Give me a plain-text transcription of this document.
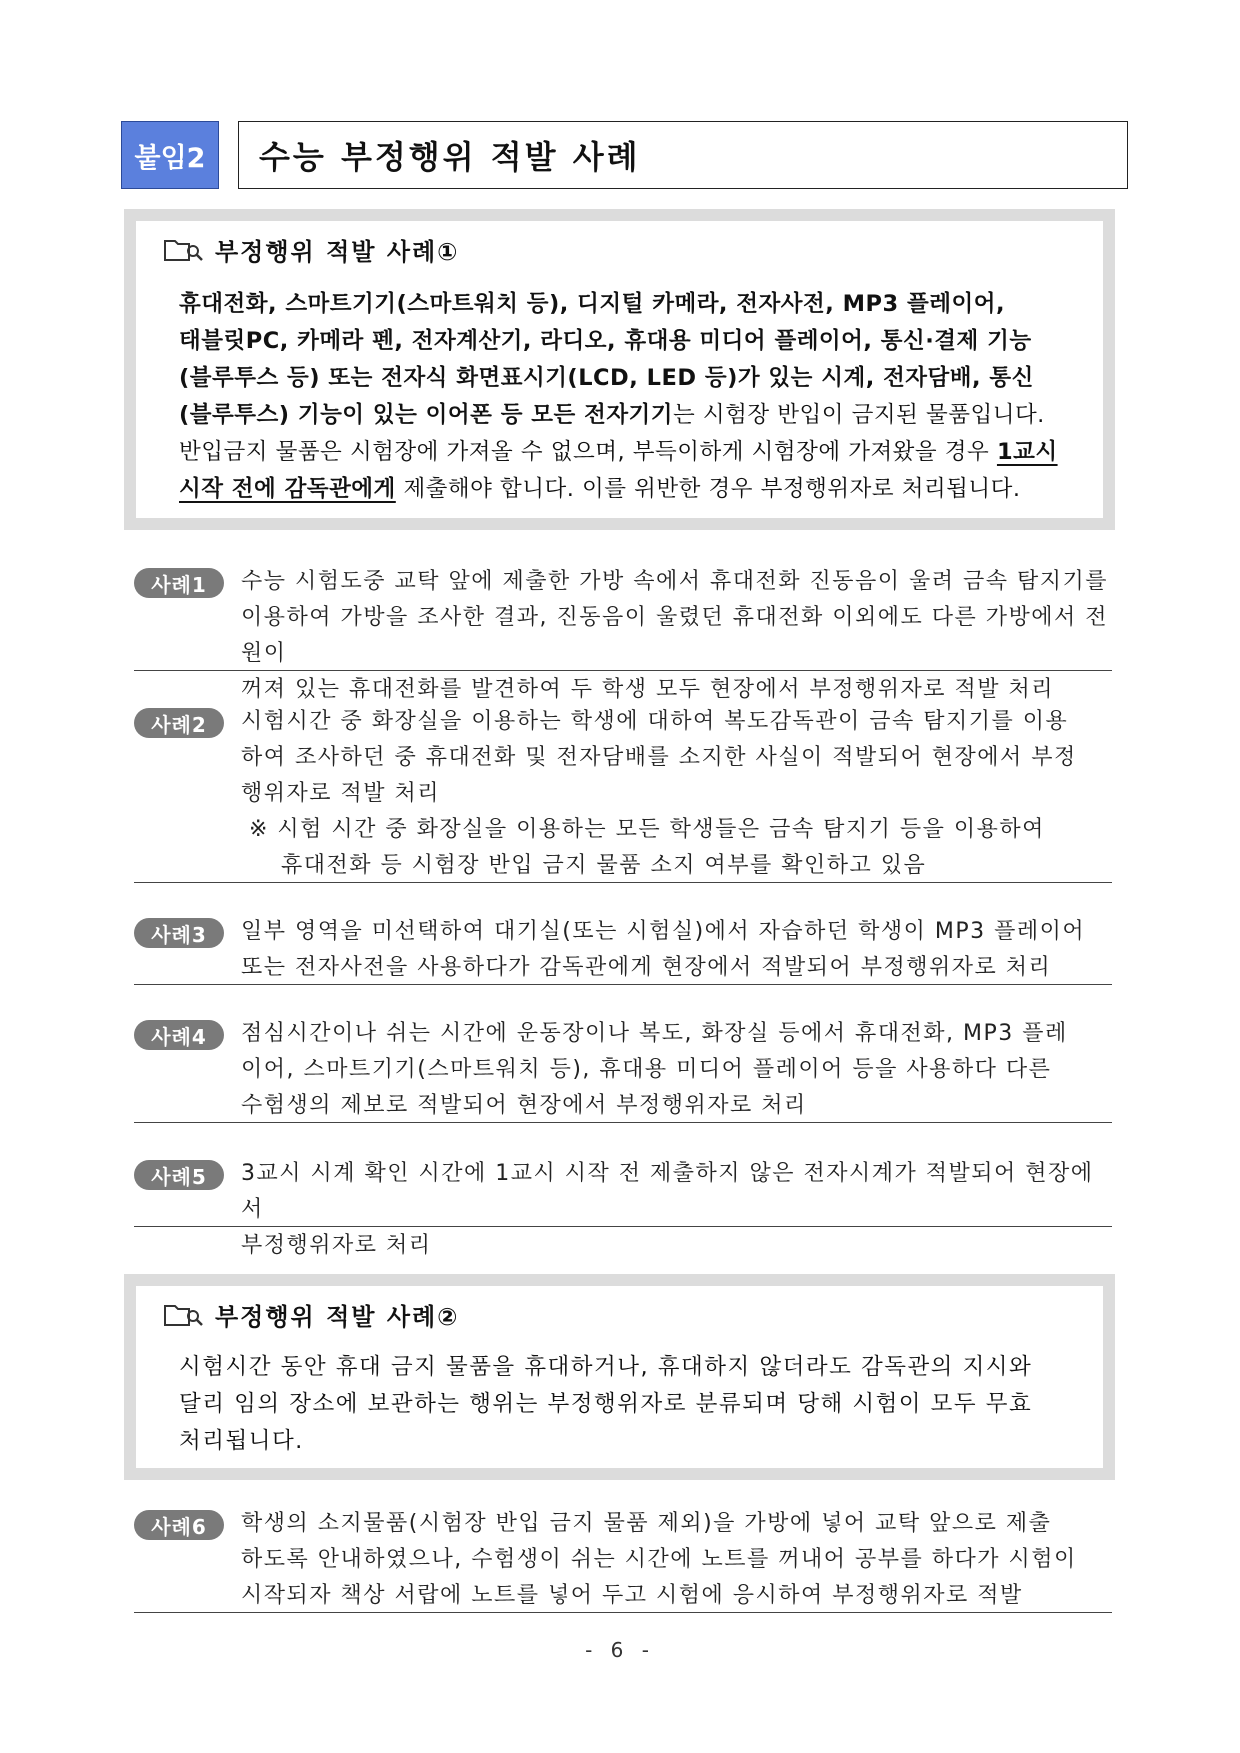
붙임2	수능 부정행위 적발 사례
부정행위 적발 사례①
휴대전화, 스마트기기(스마트워치 등), 디지털 카메라, 전자사전, MP3 플레이어,
태블릿PC, 카메라 펜, 전자계산기, 라디오, 휴대용 미디어 플레이어, 통신·결제 기능
(블루투스 등) 또는 전자식 화면표시기(LCD, LED 등)가 있는 시계, 전자담배, 통신
(블루투스) 기능이 있는 이어폰 등 모든 전자기기는 시험장 반입이 금지된 물품입니다.
반입금지 물품은 시험장에 가져올 수 없으며, 부득이하게 시험장에 가져왔을 경우 1교시
시작 전에 감독관에게 제출해야 합니다. 이를 위반한 경우 부정행위자로 처리됩니다.
사례1	수능 시험도중 교탁 앞에 제출한 가방 속에서 휴대전화 진동음이 울려 금속 탐지기를
이용하여 가방을 조사한 결과, 진동음이 울렸던 휴대전화 이외에도 다른 가방에서 전원이
꺼져 있는 휴대전화를 발견하여 두 학생 모두 현장에서 부정행위자로 적발 처리
사례2	시험시간 중 화장실을 이용하는 학생에 대하여 복도감독관이 금속 탐지기를 이용
하여 조사하던 중 휴대전화 및 전자담배를 소지한 사실이 적발되어 현장에서 부정
행위자로 적발 처리
※ 시험 시간 중 화장실을 이용하는 모든 학생들은 금속 탐지기 등을 이용하여
휴대전화 등 시험장 반입 금지 물품 소지 여부를 확인하고 있음
사례3	일부 영역을 미선택하여 대기실(또는 시험실)에서 자습하던 학생이 MP3 플레이어
또는 전자사전을 사용하다가 감독관에게 현장에서 적발되어 부정행위자로 처리
사례4	점심시간이나 쉬는 시간에 운동장이나 복도, 화장실 등에서 휴대전화, MP3 플레
이어, 스마트기기(스마트워치 등), 휴대용 미디어 플레이어 등을 사용하다 다른
수험생의 제보로 적발되어 현장에서 부정행위자로 처리
사례5	3교시 시계 확인 시간에 1교시 시작 전 제출하지 않은 전자시계가 적발되어 현장에서
부정행위자로 처리
부정행위 적발 사례②
시험시간 동안 휴대 금지 물품을 휴대하거나, 휴대하지 않더라도 감독관의 지시와
달리 임의 장소에 보관하는 행위는 부정행위자로 분류되며 당해 시험이 모두 무효
처리됩니다.
사례6	학생의 소지물품(시험장 반입 금지 물품 제외)을 가방에 넣어 교탁 앞으로 제출
하도록 안내하였으나, 수험생이 쉬는 시간에 노트를 꺼내어 공부를 하다가 시험이
시작되자 책상 서랍에 노트를 넣어 두고 시험에 응시하여 부정행위자로 적발
- 6 -
